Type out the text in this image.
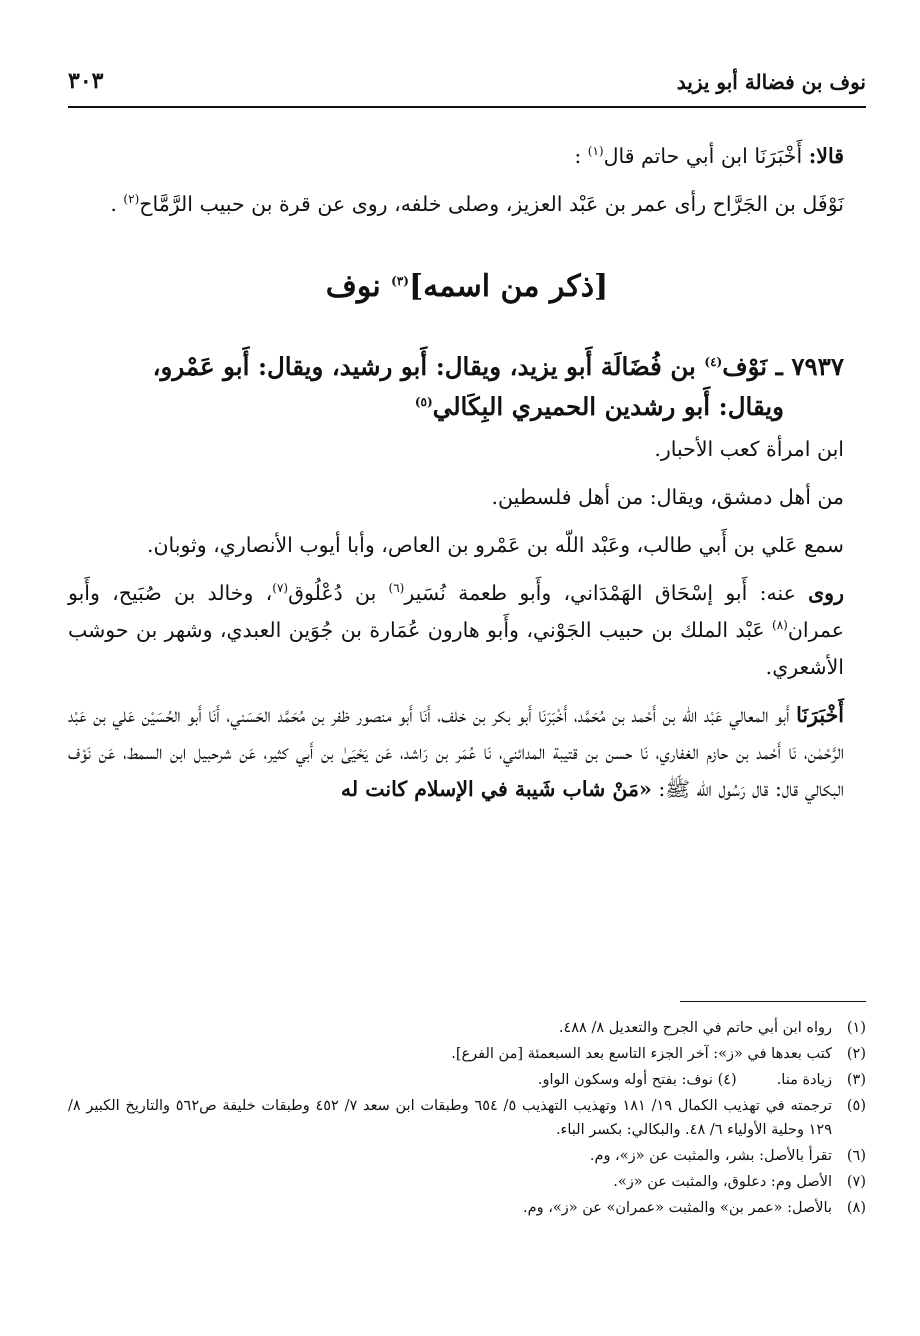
نوف بن فضالة أبو يزيد
٣٠٣

قالا: أَخْبَرَنَا ابن أبي حاتم قال$^{(١)}$ :

نَوْفَل بن الجَرَّاح رأى عمر بن عَبْد العزيز، وصلى خلفه، روى عن قرة بن حبيب الرَّمَّاح$^{(٢)}$ .

[ذكر من اسمه]$^{(٣)}$ نوف
٧٩٣٧ ـ نَوْف$^{(٤)}$ بن فُضَالَة أَبو يزيد، ويقال: أَبو رشيد، ويقال: أَبو عَمْرو،
ويقال: أَبو رشدين الحميري البِكَالي$^{(٥)}$

ابن امرأة كعب الأحبار.

من أهل دمشق، ويقال: من أهل فلسطين.

سمع عَلي بن أَبي طالب، وعَبْد اللّه بن عَمْرو بن العاص، وأبا أيوب الأنصاري، وثوبان.

روى عنه: أَبو إسْحَاق الهَمْدَاني، وأَبو طعمة نُسَير$^{(٦)}$ بن دُعْلُوق$^{(٧)}$، وخالد بن صُبَيح، وأَبو عمران$^{(٨)}$ عَبْد الملك بن حبيب الجَوْني، وأَبو هارون عُمَارة بن جُوَين العبدي، وشهر بن حوشب الأشعري.

أَخْبَرَنَا أَبو المعالي عَبْد اللّه بن أَحْمد بن مُحَمَّد، أَخْبَرَنَا أَبو بكر بن خلف، أَنَا أَبو منصور ظفر بن مُحَمَّد الحَسَني، أَنَا أَبو الحُسَيْن عَلي بن عَبْد الرَّحْمٰن، نَا أَحْمد بن حازم الغفاري، نَا حسن بن قتيبة المدائني، نَا عُمَر بن رَاشد، عَن يَحْيَىٰ بن أَبي كثير، عَن شرحبيل ابن السمط، عَن نَوْف البكالي قال: قال رَسُول اللّه ﷺ: «مَنْ شاب شَيبة في الإسلام كانت له

(١)
رواه ابن أبي حاتم في الجرح والتعديل ٨/ ٤٨٨.
(٢)
كتب بعدها في «ز»: آخر الجزء التاسع بعد السبعمئة [من الفرع].
(٣)
زيادة منا.(٤) نوف: بفتح أوله وسكون الواو.
(٥)
ترجمته في تهذيب الكمال ١٩/ ١٨١ وتهذيب التهذيب ٥/ ٦٥٤ وطبقات ابن سعد ٧/ ٤٥٢ وطبقات خليفة ص٥٦٢ والتاريخ الكبير ٨/ ١٢٩ وحلية الأولياء ٦/ ٤٨. والبكالي: بكسر الباء.
(٦)
تقرأ بالأصل: بشر، والمثبت عن «ز»، وم.
(٧)
الأصل وم: دعلوق، والمثبت عن «ز».
(٨)
بالأصل: «عمر بن» والمثبت «عمران» عن «ز»، وم.
